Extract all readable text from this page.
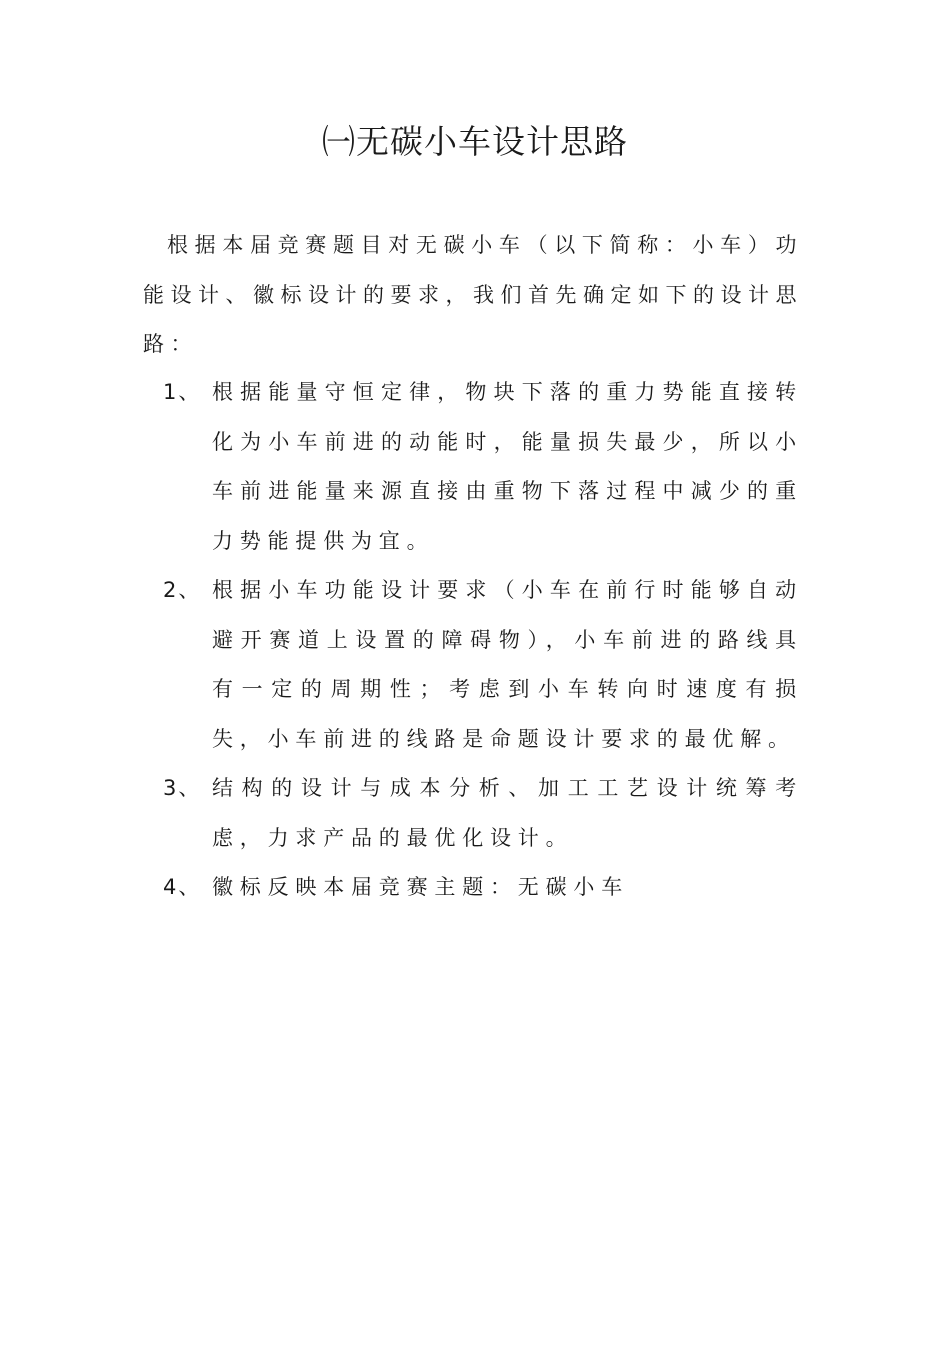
㈠无碳小车设计思路

根据本届竞赛题目对无碳小车（以下简称：小车）功能设计、徽标设计的要求，我们首先确定如下的设计思路：

1、 根据能量守恒定律，物块下落的重力势能直接转化为小车前进的动能时，能量损失最少，所以小车前进能量来源直接由重物下落过程中减少的重力势能提供为宜。
2、 根据小车功能设计要求（小车在前行时能够自动避开赛道上设置的障碍物），小车前进的路线具有一定的周期性；考虑到小车转向时速度有损失，小车前进的线路是命题设计要求的最优解。
3、 结构的设计与成本分析、加工工艺设计统筹考虑，力求产品的最优化设计。
4、 徽标反映本届竞赛主题：无碳小车
